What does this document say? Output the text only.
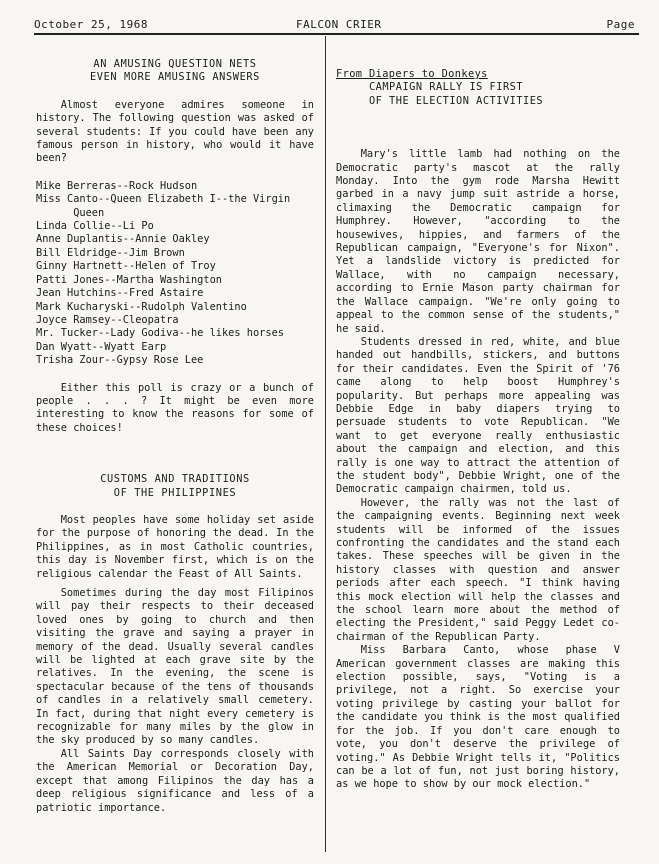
October 25, 1968	FALCON CRIER	Page
AN AMUSING QUESTION NETS
EVEN MORE AMUSING ANSWERS
Almost everyone admires someone in history. The following question was asked of several students: If you could have been any famous person in history, who would it have been?
Mike Berreras--Rock Hudson
Miss Canto--Queen Elizabeth I--the Virgin
Queen
Linda Collie--Li Po
Anne Duplantis--Annie Oakley
Bill Eldridge--Jim Brown
Ginny Hartnett--Helen of Troy
Patti Jones--Martha Washington
Jean Hutchins--Fred Astaire
Mark Kucharyski--Rudolph Valentino
Joyce Ramsey--Cleopatra
Mr. Tucker--Lady Godiva--he likes horses
Dan Wyatt--Wyatt Earp
Trisha Zour--Gypsy Rose Lee
Either this poll is crazy or a bunch of people . . . ? It might be even more interesting to know the reasons for some of these choices!
CUSTOMS AND TRADITIONS
OF THE PHILIPPINES
Most peoples have some holiday set aside for the purpose of honoring the dead. In the Philippines, as in most Catholic countries, this day is November first, which is on the religious calendar the Feast of All Saints.
Sometimes during the day most Filipinos will pay their respects to their deceased loved ones by going to church and then visiting the grave and saying a prayer in memory of the dead. Usually several candles will be lighted at each grave site by the relatives. In the evening, the scene is spectacular because of the tens of thousands of candles in a relatively small cemetery. In fact, during that night every cemetery is recognizable for many miles by the glow in the sky produced by so many candles.
All Saints Day corresponds closely with the American Memorial or Decoration Day, except that among Filipinos the day has a deep religious significance and less of a patriotic importance.
From Diapers to Donkeys
CAMPAIGN RALLY IS FIRST
OF THE ELECTION ACTIVITIES
Mary's little lamb had nothing on the Democratic party's mascot at the rally Monday. Into the gym rode Marsha Hewitt garbed in a navy jump suit astride a horse, climaxing the Democratic campaign for Humphrey. However, "according to the housewives, hippies, and farmers of the Republican campaign, "Everyone's for Nixon". Yet a landslide victory is predicted for Wallace, with no campaign necessary, according to Ernie Mason party chairman for the Wallace campaign. "We're only going to appeal to the common sense of the students," he said.
Students dressed in red, white, and blue handed out handbills, stickers, and buttons for their candidates. Even the Spirit of '76 came along to help boost Humphrey's popularity. But perhaps more appealing was Debbie Edge in baby diapers trying to persuade students to vote Republican. "We want to get everyone really enthusiastic about the campaign and election, and this rally is one way to attract the attention of the student body", Debbie Wright, one of the Democratic campaign chairmen, told us.
However, the rally was not the last of the campaigning events. Beginning next week students will be informed of the issues confronting the candidates and the stand each takes. These speeches will be given in the history classes with question and answer periods after each speech. "I think having this mock election will help the classes and the school learn more about the method of electing the President," said Peggy Ledet co-chairman of the Republican Party.
Miss Barbara Canto, whose phase V American government classes are making this election possible, says, "Voting is a privilege, not a right. So exercise your voting privilege by casting your ballot for the candidate you think is the most qualified for the job. If you don't care enough to vote, you don't deserve the privilege of voting." As Debbie Wright tells it, "Politics can be a lot of fun, not just boring history, as we hope to show by our mock election."
